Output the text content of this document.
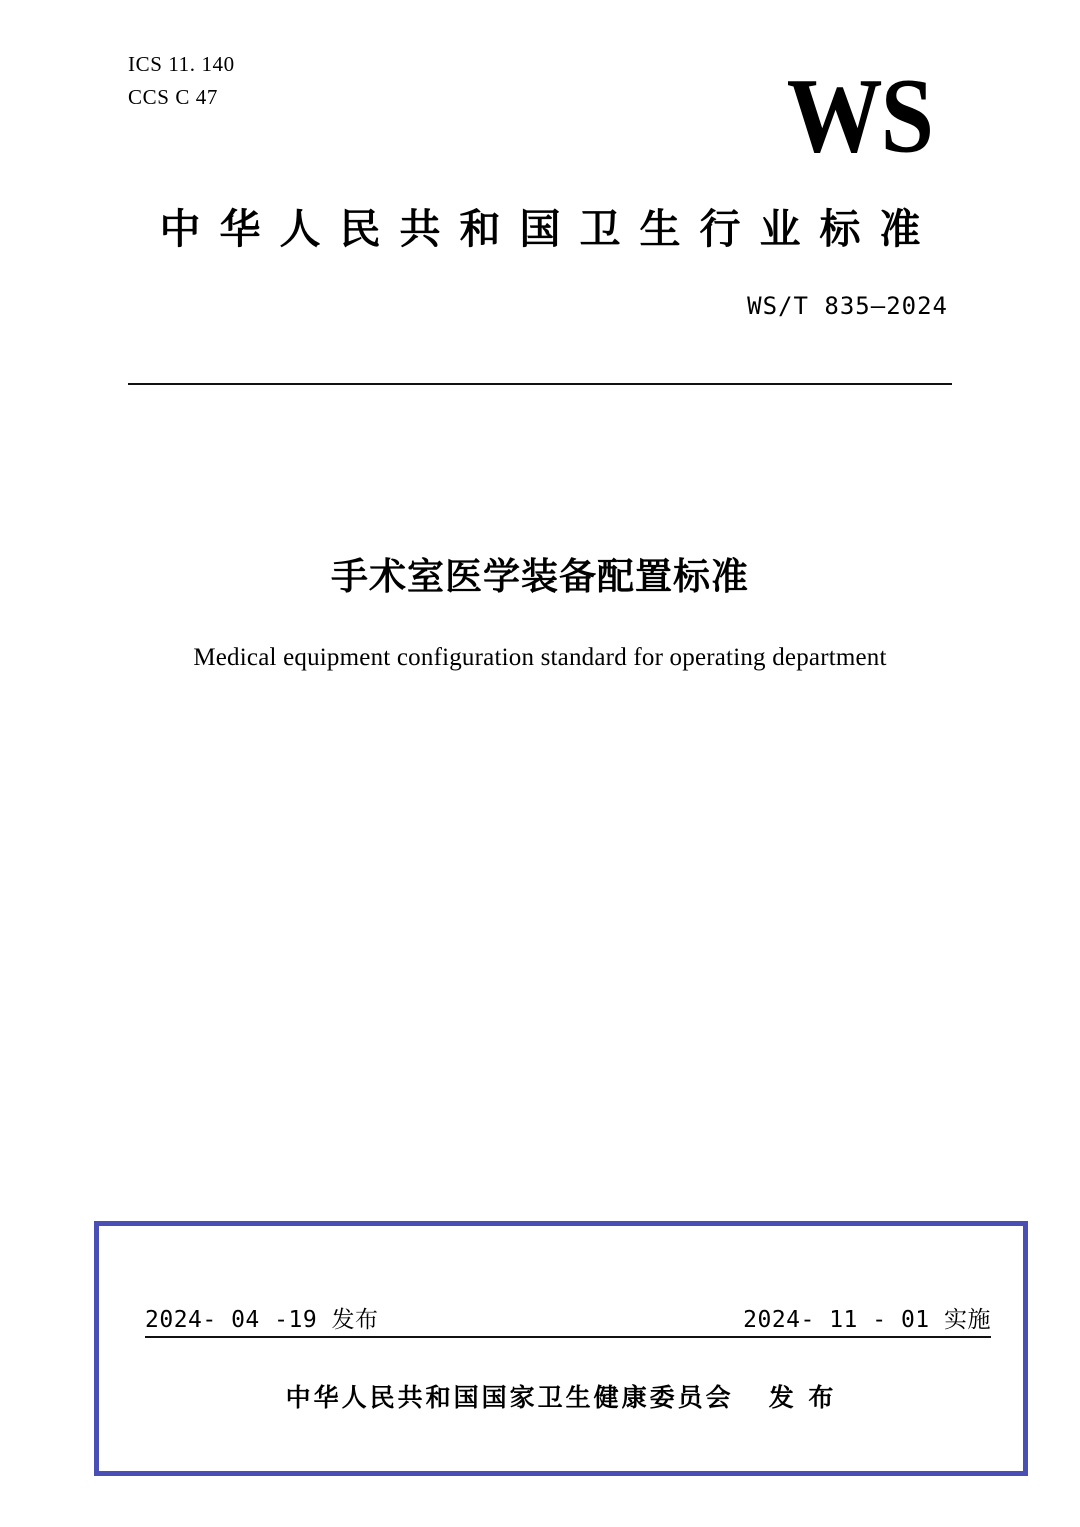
ICS 11. 140
CCS C 47	WS
中华人民共和国卫生行业标准
WS/T 835—2024
手术室医学装备配置标准
Medical equipment configuration standard for operating department
2024- 04 -19 发布	2024- 11 - 01 实施
中华人民共和国国家卫生健康委员会   发 布
